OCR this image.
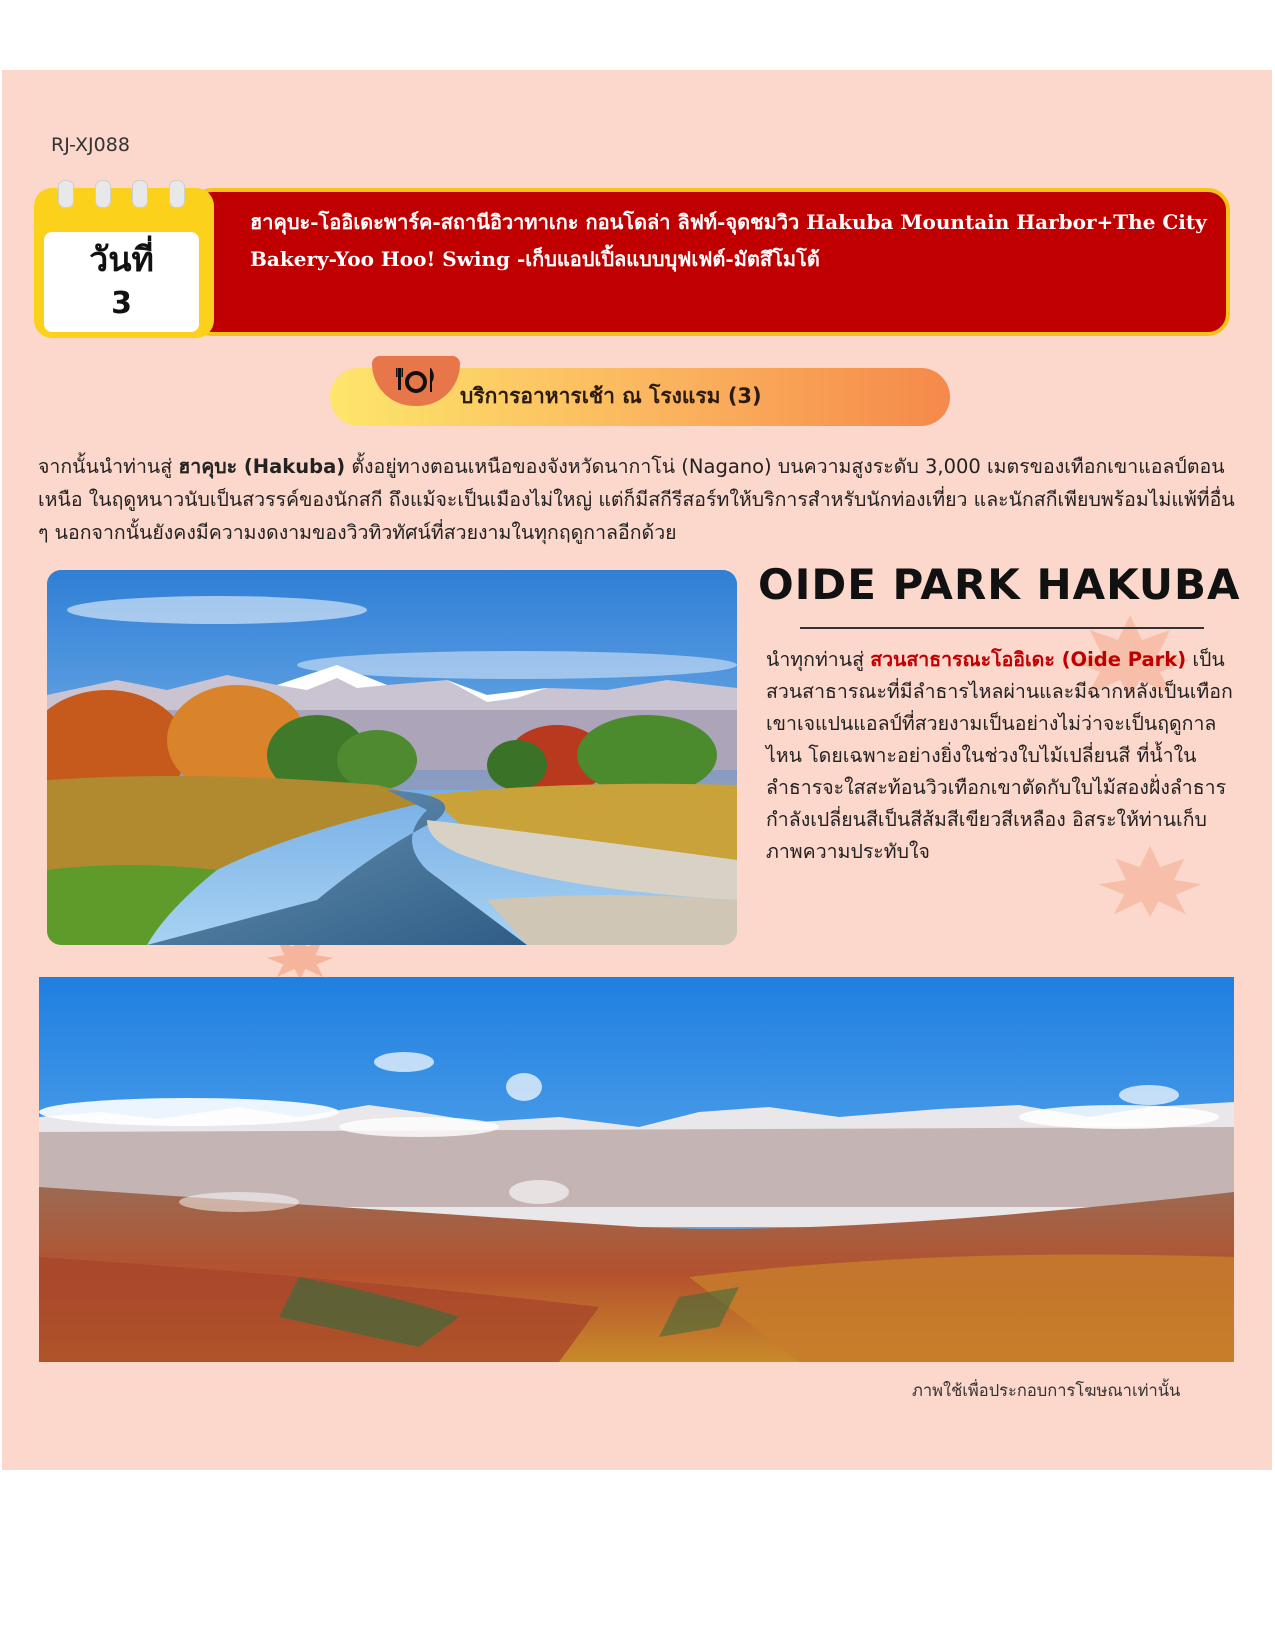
RJ-XJ088
ฮาคุบะ-โออิเดะพาร์ค-สถานีอิวาทาเกะ กอนโดล่า ลิฟท์-จุดชมวิว Hakuba Mountain Harbor+The City Bakery-Yoo Hoo! Swing -เก็บแอปเปิ้ลแบบบุฟเฟต์-มัตสึโมโต้
วันที่
3
บริการอาหารเช้า ณ โรงแรม (3)
จากนั้นนำท่านสู่ ฮาคุบะ (Hakuba) ตั้งอยู่ทางตอนเหนือของจังหวัดนากาโน่ (Nagano) บนความสูงระดับ 3,000 เมตรของเทือกเขาแอลป์ตอนเหนือ ในฤดูหนาวนับเป็นสวรรค์ของนักสกี ถึงแม้จะเป็นเมืองไม่ใหญ่ แต่ก็มีสกีรีสอร์ทให้บริการสำหรับนักท่องเที่ยว และนักสกีเพียบพร้อมไม่แพ้ที่อื่น ๆ นอกจากนั้นยังคงมีความงดงามของวิวทิวทัศน์ที่สวยงามในทุกฤดูกาลอีกด้วย
OIDE PARK HAKUBA
นำทุกท่านสู่ สวนสาธารณะโออิเดะ (Oide Park) เป็นสวนสาธารณะที่มีลำธารไหลผ่านและมีฉากหลังเป็นเทือกเขาเจแปนแอลป์ที่สวยงามเป็นอย่างไม่ว่าจะเป็นฤดูกาลไหน โดยเฉพาะอย่างยิ่งในช่วงใบไม้เปลี่ยนสี ที่น้ำในลำธารจะใสสะท้อนวิวเทือกเขาตัดกับใบไม้สองฝั่งลำธารกำลังเปลี่ยนสีเป็นสีส้มสีเขียวสีเหลือง อิสระให้ท่านเก็บภาพความประทับใจ
ภาพใช้เพื่อประกอบการโฆษณาเท่านั้น
